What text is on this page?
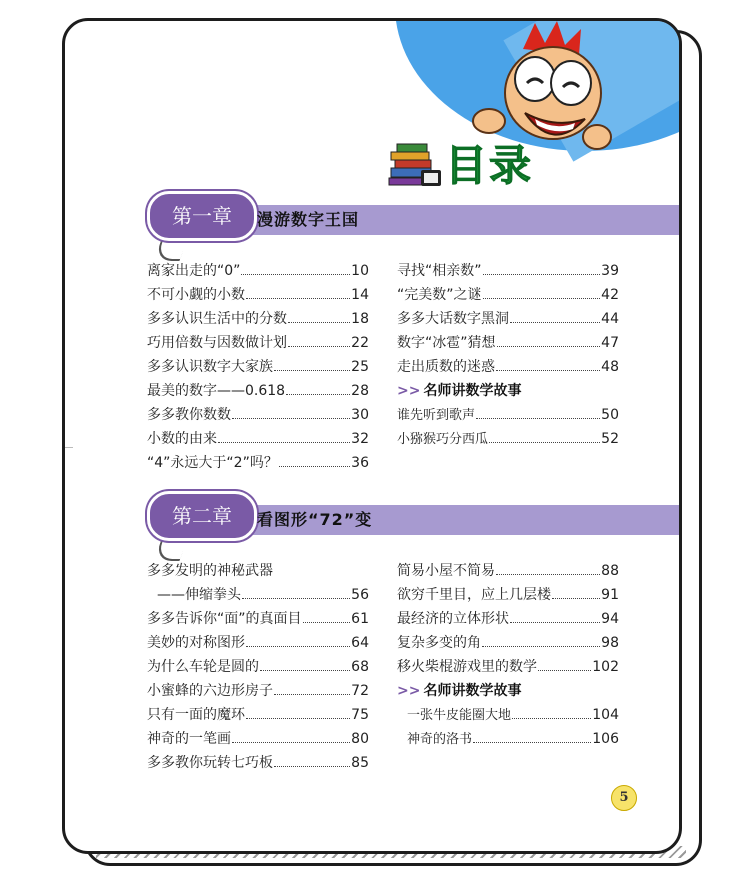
目录
第一章	漫游数字王国
离家出走的“0”	10
不可小觑的小数	14
多多认识生活中的分数	18
巧用倍数与因数做计划	22
多多认识数字大家族	25
最美的数字——0.618	28
多多教你数数	30
小数的由来	32
“4”永远大于“2”吗？	36
寻找“相亲数”	39
“完美数”之谜	42
多多大话数字黑洞	44
数字“冰雹”猜想	47
走出质数的迷惑	48
>> 名师讲数学故事
谁先听到歌声	50
小猕猴巧分西瓜	52
第二章	看图形“72”变
多多发明的神秘武器
——伸缩拳头	56
多多告诉你“面”的真面目	61
美妙的对称图形	64
为什么车轮是圆的	68
小蜜蜂的六边形房子	72
只有一面的魔环	75
神奇的一笔画	80
多多教你玩转七巧板	85
简易小屋不简易	88
欲穷千里目，应上几层楼	91
最经济的立体形状	94
复杂多变的角	98
移火柴棍游戏里的数学	102
>> 名师讲数学故事
一张牛皮能圈大地	104
神奇的洛书	106
5
